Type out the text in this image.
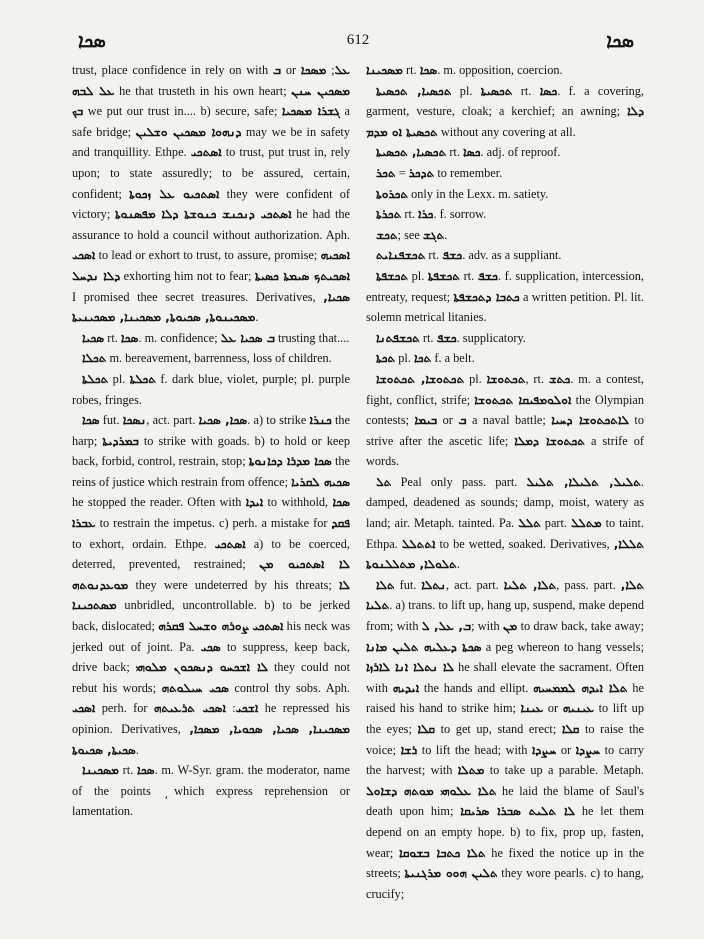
ܣܟܐ	612	ܣܟܐ

trust, place confidence in rely on with ܒ or	ܥܠ; ܡܣܟܐ ܥܠ ܠܒܗ he that trusteth in his own heart; ܡܣܟܝܢ ܚܢܢ ܒܟ we put our trust in.... b) secure, safe; ܓܫܪܐ ܡܣܟܝܐ a safe bridge; ܕܢܗܘܐ ܡܣܟܝܢ ܘܫܠܝܢ may we be in safety and tranquillity. Ethpe. ܐܣܬܟܝ to trust, put trust in, rely upon; to state assuredly; to be assured, certain, confident; ܐܣܬܟܝܘ ܥܠ ܙܟܘܬܐ they were confident of victory; ܐܣܬܟܝ ܕܢܟܢܫ ܟܢܘܫܬܐ ܕܠܐ ܡܦܣܢܘܬܐ he had the assurance to hold a council without authorization. Aph. ܐܣܟܝ to lead or exhort to trust, to assure, promise; ܐܣܟܝܗ ܕܠܐ ܢܕܚܠ exhorting him not to fear; ܐܣܟܝܬܟ ܣܝܡܬܐ ܟܣܝܬܐ I promised thee secret treasures. Derivatives, ܣܟܝܐ, ܡܣܟܝܢܘܬܐ, ܣܟܝܘܬܐ, ܡܣܟܝܢܐ, ܡܣܟܝܢܝܬܐ.

ܣܟܝܐ rt. ܣܟܐ. m. confidence; ܒ ܣܟܝܐ ܥܠ trusting that....

ܬܟܠܐ m. bereavement, barrenness, loss of children.

ܬܟܠܬܐ pl. ܬܟܠܬܐ f. dark blue, violet, purple; pl. purple robes, fringes.

ܣܟܐ fut. ܢܣܟܐ, act. part. ܣܟܐ, ܣܟܝܐ. a) to strike ܟܢܪܐ the harp; ܒܡܪܕܝܬܐ to strike with goads. b) to hold or keep back, forbid, control, restrain, stop; ܣܟܐ ܡܕܪܐ ܕܟܐܢܘܬܐ the reins of justice which restrain from offence; ܣܟܝܗ ܠܩܪܝܐ he stopped the reader. Often with ܐܝܕܐ to withhold, ܣܟܐ ܥܒܪܐ to restrain the impetus. c) perh. a mistake for ܦܩܕ to exhort, ordain. Ethpe. ܐܣܬܟܝ a) to be coerced, deterred, prevented, restrained; ܠܐ ܐܣܬܟܝܘ ܡܢ ܡܘܥܕܢܘܬܗ they were undeterred by his threats; ܠܐ ܡܣܬܟܝܢܐ unbridled, uncontrollable. b) to be jerked back, dislocated; ܐܣܬܟܝ ܨܘܪܗ ܘܫܚܠ ܦܩܪܗ his neck was jerked out of joint. Pa. ܣܟܝ to suppress, keep back, drive back; ܠܐ ܐܫܟܚܘ ܕܢܣܟܘܢ ܡܠܘܗܝ they could not rebut his words; ܣܟܝ ܚܝܠܘܬܗ control thy sobs. Aph. ܐܣܟܝ perh. for	ܐܫܟܝ: ܐܣܟܝ ܬܪܥܝܬܗ	he repressed his opinion. Derivatives, ܡܣܟܝܢܐ, ܣܟܝܐ, ܣܟܘܝܐ, ܡܣܟܐ, ܣܟܝܬܐ, ܣܟܝܘܬܐ.

ܡܣܟܝܢܐ rt. ܣܟܐ. m. W-Syr. gram. the moderator, name of the points which express reprehension or lamentation.

ܡܣܟܝܢܐ rt. ܣܟܐ. m. opposition, coercion.

ܬܟܣܝܐ, ܬܟܣܝܬܐ pl. ܬܟܣܝܬܐ rt. ܟܣܐ. f. a covering, garment, vesture, cloak; a kerchief; an awning; ܕܠܐ ܬܟܣܝܬܐ ܐܘ ܡܕܡ without any covering at all.

ܬܟܣܝܐ, ܬܟܣܝܬܐ rt. ܟܣܐ. adj. of reproof.

ܬܕܟܪ = ܬܟܪ	to remember.

ܬܟܪܘܬܐ only in the Lexx. m. satiety.

ܬܟܪܬܐ rt. ܟܪܐ. f. sorrow.

ܬܟܫ; see ܬܓܫ.

ܬܟܫܦܢܐܝܬ rt. ܟܫܦ. adv. as a suppliant.

ܬܟܫܦܬܐ pl. ܬܟܫܦܬܐ rt. ܟܫܦ. f. supplication, intercession, entreaty, request; ܟܬܒܐ ܕܬܟܫܦܬܐ a written petition. Pl. lit. solemn metrical litanies.

ܬܟܫܦܬܢܐ rt. ܟܫܦ. supplicatory.

ܬܟܬܐ pl. ܬܟܐ f. a belt.

ܬܟܬܘܫܐ, ܬܟܬܘܫܐ pl. ܬܟܬܘܫܐ, rt. ܟܬܫ. m. a contest, fight, conflict, strife; ܐܘܠܘܡܦܝܩܐ ܬܟܬܘܫܐ the Olympian contests; ܒܝܡܐ or ܒ a naval battle; ܠܐܬܟܬܘܫܐ ܕܚܝܐ to strive after the ascetic life; ܬܟܬܘܫܐ ܕܡܠܐ a strife of words.

ܬܠ Peal only pass. part. ܬܠܝܠ, ܬܠܝܠܐ, ܬܠܝܠ. damped, deadened as sounds; damp, moist, watery as land; air. Metaph. tainted. Pa. ܬܠܠ part. ܡܬܠܠ to taint. Ethpa. ܐܬܬܠܠ to be wetted, soaked. Derivatives, ܬܠܠܐ, ܬܠܘܠܐ, ܡܬܠܠܢܘܬܐ.

ܬܠܐ fut. ܢܬܠܐ, act. part. ܬܠܐ, ܬܠܝܐ, pass. part. ܬܠܐ, ܬܠܝܐ. a) trans. to lift up, hang up, suspend, make depend from; with ܒ, ܥܠ, ܠ; with ܡܢ to draw back, take away; ܣܟܬܐ ܕܥܠܝܗ ܬܠܝܢ ܡܐܢܐ a peg whereon to hang vessels; ܠܐ ܢܬܠܐ ܐܢܐ ܠܐܪܙܐ he shall elevate the sacrament. Often with ܐܝܕܝܗ the hands and ellipt. ܬܠܐ ܐܝܕܗ ܠܡܡܚܝܗ he raised his hand to strike him; ܥܝܢܐ or ܥܝܢܝܗ to lift up the eyes; ܩܠܐ to get up, stand erect; ܩܠܐ to raise the voice; ܪܫܐ to lift the head; with ܚܨܕܐ or ܚܨܕܐ to carry the harvest; with ܡܬܠܐ to take up a parable. Metaph. ܬܠܐ ܥܠܘܗܝ ܡܘܬܗ ܕܫܐܘܠ he laid the blame of Saul's death upon him; ܠܐ ܬܠܝܬ ܣܒܪܐ ܣܪܝܩܐ he let them depend on an empty hope. b) to fix, prop up, fasten, wear; ܬܠܐ ܟܬܒܐ ܒܫܘܩܐ he fixed the notice up in the streets; ܬܠܝܢ ܗܘܘ ܡܪܓܢܝܬܐ they wore pearls. c) to hang, crucify;
